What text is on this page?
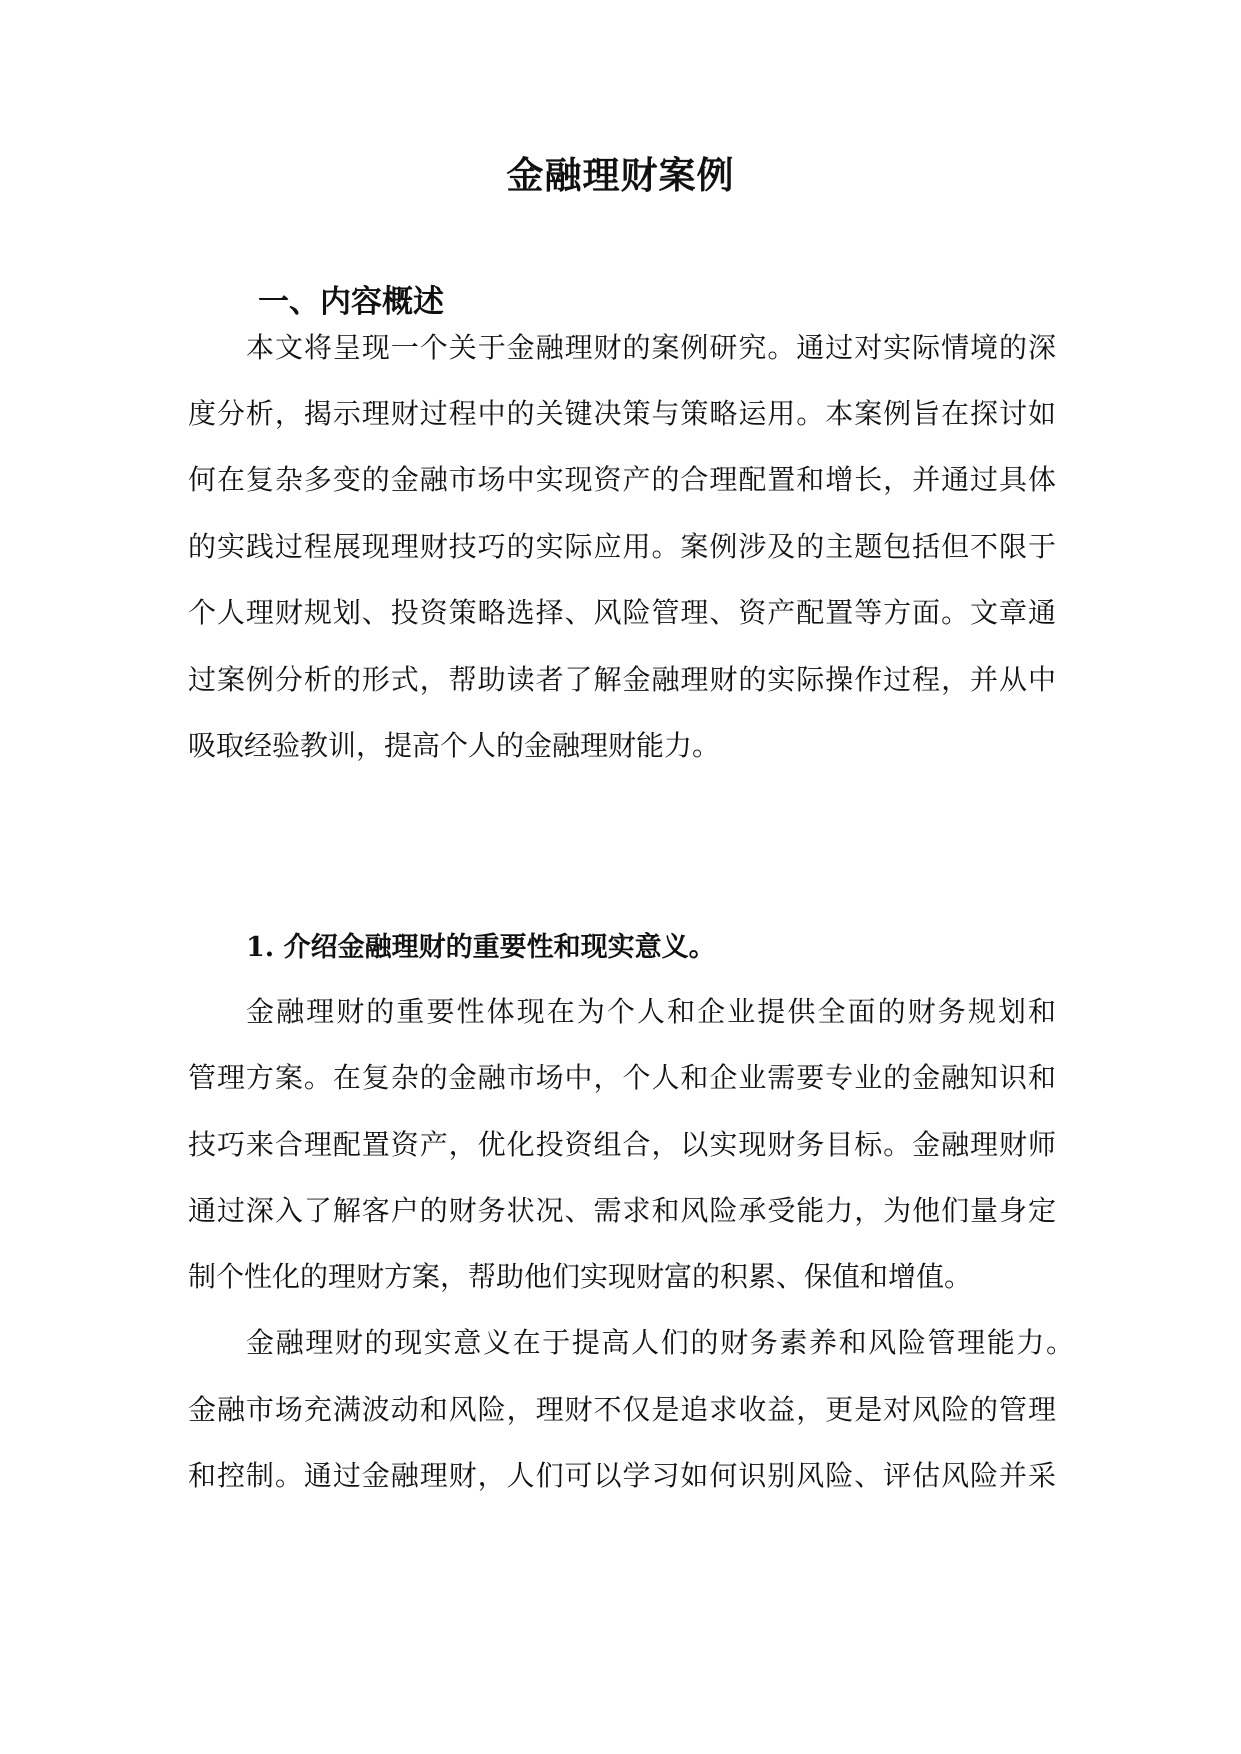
金融理财案例
一、内容概述
本文将呈现一个关于金融理财的案例研究。通过对实际情境的深
度分析，揭示理财过程中的关键决策与策略运用。本案例旨在探讨如
何在复杂多变的金融市场中实现资产的合理配置和增长，并通过具体
的实践过程展现理财技巧的实际应用。案例涉及的主题包括但不限于
个人理财规划、投资策略选择、风险管理、资产配置等方面。文章通
过案例分析的形式，帮助读者了解金融理财的实际操作过程，并从中
吸取经验教训，提高个人的金融理财能力。
1. 介绍金融理财的重要性和现实意义。
金融理财的重要性体现在为个人和企业提供全面的财务规划和
管理方案。在复杂的金融市场中，个人和企业需要专业的金融知识和
技巧来合理配置资产，优化投资组合，以实现财务目标。金融理财师
通过深入了解客户的财务状况、需求和风险承受能力，为他们量身定
制个性化的理财方案，帮助他们实现财富的积累、保值和增值。
金融理财的现实意义在于提高人们的财务素养和风险管理能力。
金融市场充满波动和风险，理财不仅是追求收益，更是对风险的管理
和控制。通过金融理财，人们可以学习如何识别风险、评估风险并采
